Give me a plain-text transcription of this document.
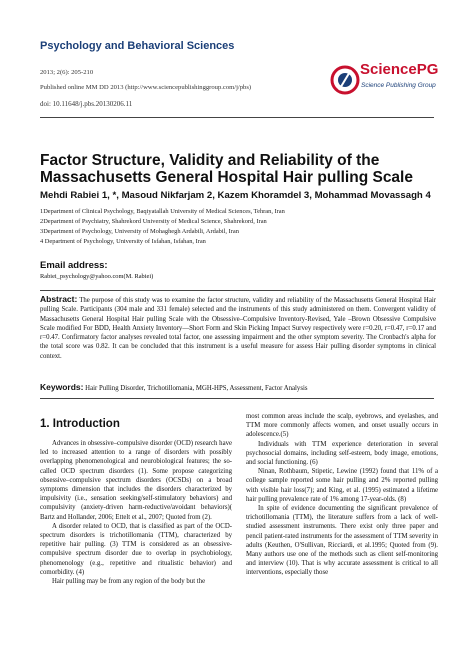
Psychology and Behavioral Sciences
2013; 2(6): 205-210
Published online MM DD 2013 (http://www.sciencepublishinggroup.com/j/pbs)
doi: 10.11648/j.pbs.20130206.11
SciencePG
Science Publishing Group
Factor Structure, Validity and Reliability of the Massachusetts General Hospital Hair pulling Scale
Mehdi Rabiei 1, *, Masoud Nikfarjam 2, Kazem Khoramdel 3, Mohammad Movassagh 4
1Department of Clinical Psychology, Baqiyatallah University of Medical Sciences, Tehran, Iran
2Department of Psychiatry, Shahrekord University of Medical Science, Shahrekord, Iran
3Department of Psychology, University of Mohaghegh Ardabili, Ardabil, Iran
4 Department of Psychology, University of Isfahan, Isfahan, Iran
Email address:
Rabiei_psychology@yahoo.com(M. Rabiei)
Abstract: The purpose of this study was to examine the factor structure, validity and reliability of the Massachusetts General Hospital Hair pulling Scale. Participants (304 male and 331 female) selected and the instruments of this study administered on them. Convergent validity of Massachusetts General Hospital Hair pulling Scale with the Obsessive–Compulsive Inventory-Revised, Yale –Brown Obsessive Compulsive Scale modified For BDD, Health Anxiety Inventory—Short Form and Skin Picking Impact Survey respectively were r=0.20, r=0.47, r=0.17 and r=0.47. Confirmatory factor analyses revealed total factor, one assessing impairment and the other symptom severity. The Cronbach's alpha for the total score was 0.82. It can be concluded that this instrument is a useful measure for assess Hair pulling disorder symptoms in clinical context.
Keywords: Hair Pulling Disorder, Trichotillomania, MGH-HPS, Assessment, Factor Analysis
1. Introduction

Advances in obsessive–compulsive disorder (OCD) research have led to increased attention to a range of disorders with possibly overlapping phenomenological and neurobiological features; the so-called OCD spectrum disorders (1). Some propose categorizing obsessive–compulsive spectrum disorders (OCSDs) on a broad symptoms dimension that includes the disorders characterized by impulsivity (i.e., sensation seeking/self-stimulatory behaviors) and compulsivity (anxiety-driven harm-reductive/avoidant behaviors)( Bartz and Hollander, 2006; Ettelt et al., 2007; Quoted from (2).

A disorder related to OCD, that is classified as part of the OCD-spectrum disorders is trichotillomania (TTM), characterized by repetitive hair pulling. (3) TTM is considered as an obsessive- compulsive spectrum disorder due to overlap in psychobiology, phenomenology (e.g., repetitive and ritualistic behavior) and comorbidity. (4)

Hair pulling may be from any region of the body but the

most common areas include the scalp, eyebrows, and eyelashes, and TTM more commonly affects women, and onset usually occurs in adolescence.(5)

Individuals with TTM experience deterioration in several psychosocial domains, including self-esteem, body image, emotions, and social functioning. (6)

Ninan, Rothbaum, Stipetic, Lewine (1992) found that 11% of a college sample reported some hair pulling and 2% reported pulling with visible hair loss(7); and King, et al. (1995) estimated a lifetime hair pulling prevalence rate of 1% among 17-year-olds. (8)

In spite of evidence documenting the significant prevalence of trichotillomania (TTM), the literature suffers from a lack of well-studied assessment instruments. There exist only three paper and pencil patient-rated instruments for the assessment of TTM severity in adults (Keuthen, O'Sullivan, Ricciardi, et al.1995; Quoted from (9). Many authors use one of the methods such as client self-monitoring and interview (10). That is why accurate assessment is critical to all interventions, especially those
